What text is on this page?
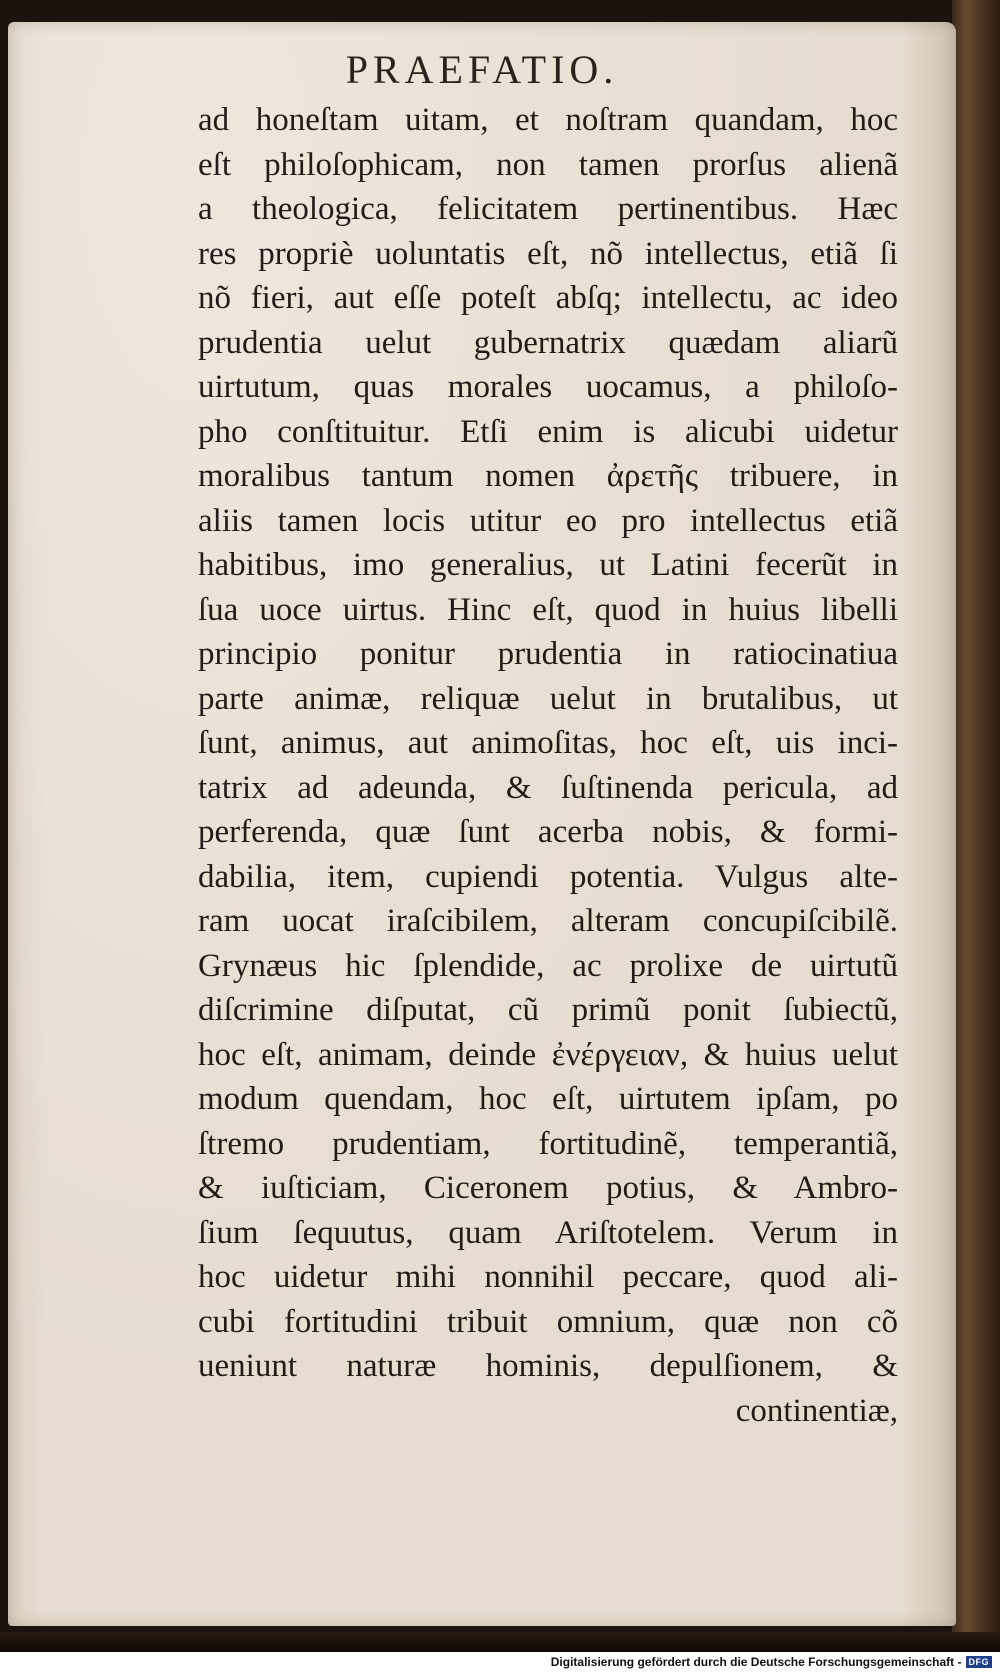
PRAEFATIO.
ad honeſtam uitam, et noſtram quandam, hoc
eſt philoſophicam, non tamen prorſus alienã
a theologica, felicitatem pertinentibus. Hæc
res propriè uoluntatis eſt, nõ intellectus, etiã ſi
nõ fieri, aut eſſe poteſt abſq; intellectu, ac ideo
prudentia uelut gubernatrix quædam aliarũ
uirtutum, quas morales uocamus, a philoſo-
pho conſtituitur. Etſi enim is alicubi uidetur
moralibus tantum nomen ἀρετῆς tribuere, in
aliis tamen locis utitur eo pro intellectus etiã
habitibus, imo generalius, ut Latini fecerũt in
ſua uoce uirtus. Hinc eſt, quod in huius libelli
principio ponitur prudentia in ratiocinatiua
parte animæ, reliquæ uelut in brutalibus, ut
ſunt, animus, aut animoſitas, hoc eſt, uis inci-
tatrix ad adeunda, & ſuſtinenda pericula, ad
perferenda, quæ ſunt acerba nobis, & formi-
dabilia, item, cupiendi potentia. Vulgus alte-
ram uocat iraſcibilem, alteram concupiſcibilẽ.
Grynæus hic ſplendide, ac prolixe de uirtutũ
diſcrimine diſputat, cũ primũ ponit ſubiectũ,
hoc eſt, animam, deinde ἐνέργειαν, & huius uelut
modum quendam, hoc eſt, uirtutem ipſam, po
ſtremo prudentiam, fortitudinẽ, temperantiã,
& iuſticiam, Ciceronem potius, & Ambro-
ſium ſequutus, quam Ariſtotelem. Verum in
hoc uidetur mihi nonnihil peccare, quod ali-
cubi fortitudini tribuit omnium, quæ non cõ
ueniunt naturæ hominis, depulſionem, &
continentiæ,
Digitalisierung gefördert durch die Deutsche Forschungsgemeinschaft - DFG
